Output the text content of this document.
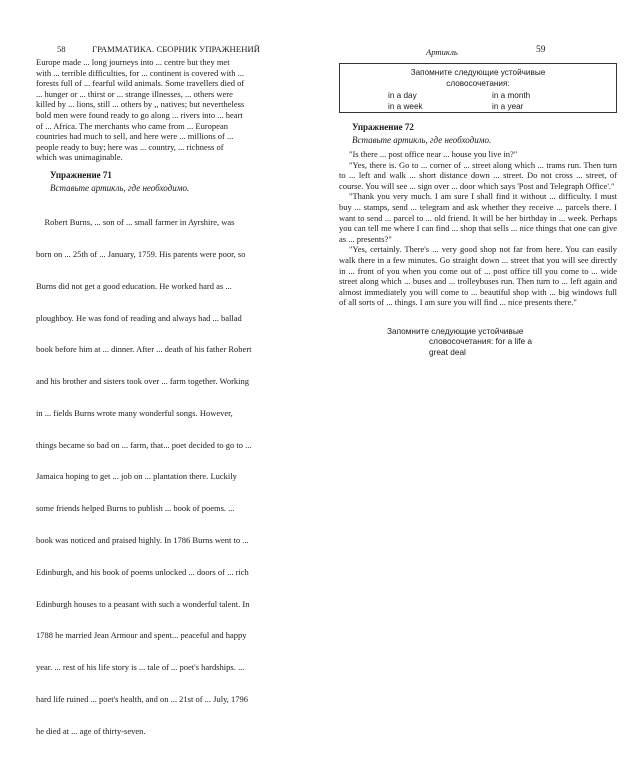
58	ГРАММАТИКА. СБОРНИК УПРАЖНЕНИЙ
Europe made ... long journeys into ... centre but they met
with ... terrible difficulties, for ... continent is covered with ...
forests full of ... fearful wild animals. Some travellers died of
... hunger or ... thirst or ... strange illnesses, ... others were
killed by ... lions, still ... others by ,, natives; but nevertheless
bold men were found ready to go along ... rivers into ... heart
of ... Africa. The merchants who came from ... European
countries had much to sell, and here were ... millions of ...
people ready to buy; here was ... country, ... richness of
which was unimaginable.
Упражнение 71
Вставьте артикль, где необходимо.

Robert Burns, ... son of ... small farmer in Ayrshire, was

born on ... 25th of ... January, 1759. His parents were poor, so

Burns did not get a good education. He worked hard as ...

ploughboy. He was fond of reading and always had ... ballad

book before him at ... dinner. After ... death of his father Robert

and his brother and sisters took over ... farm together. Working

in ... fields Burns wrote many wonderful songs. However,

things became so bad on ... farm, that... poet decided to go to ...

Jamaica hoping to get ... job on ... plantation there. Luckily

some friends helped Burns to publish ... book of poems. ...

book was noticed and praised highly. In 1786 Burns went to ...

Edinburgh, and his book of poems unlocked ... doors of ... rich

Edinburgh houses to a peasant with such a wonderful talent. In

1788 he married Jean Armour and spent... peaceful and happy

year. ... rest of his life story is ... tale of ... poet's hardships. ...

hard life ruined ... poet's health, and on ... 21st of ... July, 1796

he died at ... age of thirty-seven.

Артикль	59
Запомните следующие устойчивые
словосочетания:
in a day	in a month
in a week	in a year
Упражнение 72
Вставьте артикль, где необходимо.

"Is there ... post office near ... house you live in?"

"Yes, there is. Go to ... corner of ... street along which ... trams run. Then turn to ... left and walk ... short distance down ... street. Do not cross ... street, of course. You will see ... sign over ... door which says 'Post and Telegraph Office'."

"Thank you very much. I am sure I shall find it without ... difficulty. I must buy ... stamps, send ... telegram and ask whether they receive ... parcels there. I want to send ... parcel to ... old friend. It will be her birthday in ... week. Perhaps you can tell me where I can find ... shop that sells ... nice things that one can give as ... presents?"

"Yes, certainly. There's ... very good shop not far from here. You can easily walk there in a few minutes. Go straight down ... street that you will see directly in ... front of you when you come out of ... post office till you come to ... wide street along which ... buses and ... trolleybuses run. Then turn to ... left again and almost immediately you will come to ... beautiful shop with ... big windows full of all sorts of ... things. I am sure you will find ... nice presents there."

Запомните следующие устойчивые
словосочетания: for a life a
great deal
